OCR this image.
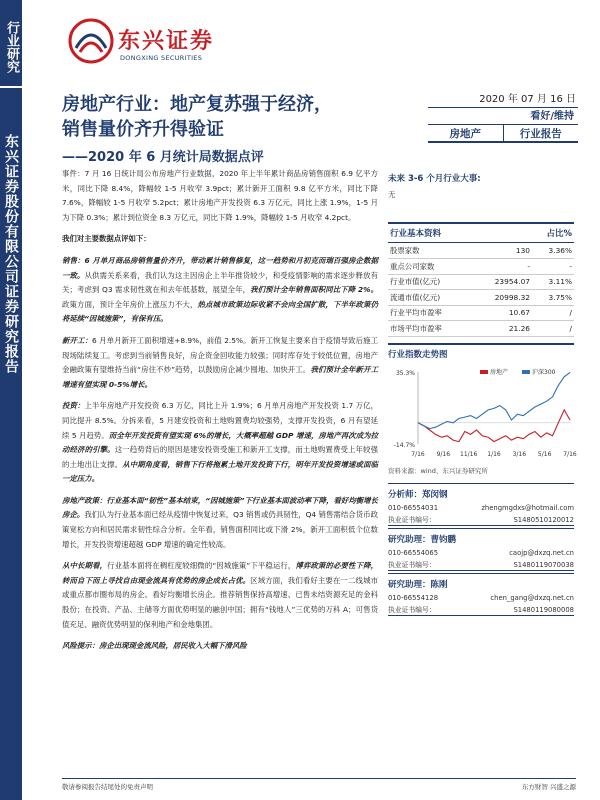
行业研究
东兴证券股份有限公司证券研究报告
东兴证券
DONGXING SECURITIES
房地产行业：地产复苏强于经济，
销售量价齐升得验证
——2020 年 6 月统计局数据点评
2020 年 07 月 16 日
看好/维持
房地产	行业报告

事件：7 月 16 日统计局公布房地产行业数据，2020 年上半年累计商品房销售面积 6.9 亿平方米，同比下降 8.4%，降幅较 1-5 月收窄 3.9pct；累计新开工面积 9.8 亿平方米，同比下降 7.6%，降幅较 1-5 月收窄 5.2pct；累计房地产开发投资 6.3 万亿元，同比上涨 1.9%，1-5 月为下降 0.3%；累计到位资金 8.3 万亿元，同比下降 1.9%，降幅较 1-5 月收窄 4.2pct。

我们对主要数据点评如下：

销售：6 月单月商品房销售量价齐升，带动累计销售修复，这一趋势和月初克而瑞百强房企数据一致。从供需关系来看，我们认为这主因房企上半年推货较少，和受疫情影响的需求逐步释放有关；考虑到 Q3 需求韧性就在和去年低基数，展望全年，我们预计全年销售面积同比下降 2%。政策方面，预计全年房价上涨压力不大，热点城市政策边际收紧不会向全国扩散，下半年政策仍将延续“因城施策”，有保有压。

新开工：6 月单月新开工面积增速+8.9%，前值 2.5%。新开工恢复主要来自于疫情导致后施工现场陆续复工。考虑到当前销售良好，房企资金回收能力较强；同时库存处于较低位置，房地产金融政策有望维持当前“房住不炒”趋势，以鼓励房企减少囤地、加快开工。我们预计全年新开工增速有望实现 0-5%增长。

投资：上半年房地产开发投资 6.3 万亿，同比上升 1.9%；6 月单月房地产开发投资 1.7 万亿，同比提升 8.5%。分拆来看，5 月建安投资和土地购置费均较强势，支撑开发投资，6 月有望延续 5 月趋势。而全年开发投资有望实现 6%的增长，大概率超越 GDP 增速，房地产再次成为拉动经济的引擎。这一趋势背后的原因是建安投资受施工和新开工支撑，而土地购置费受上年较强的土地出让支撑。从中期角度看，销售下行将拖累土地开发投资下行，明年开发投资增速或面临一定压力。

房地产政策：行业基本面“韧性”基本结束，“因城施策”下行业基本面波动率下降，看好均衡增长房企。我们认为行业基本面已经从疫情中恢复过来，Q3 销售或仍具韧性，Q4 销售需结合货币政策宽松方向和居民需求韧性综合分析。全年看，销售面积同比或下滑 2%，新开工面积低个位数增长，开发投资增速超越 GDP 增速的确定性较高。

从中长期看，行业基本面将在稠杠度较细微的“因城施策”下平稳运行，博弈政策的必要性下降，转而自下而上寻找自由现金流具有优势的房企成长占优。区域方面，我们看好主要在一二线城市或重点都市圈布局的房企。看好均衡增长房企。推荐销售保持高增速、已售未结资源充足的金科股份；在投资、产品、主储等方面优势明显的融创中国；拥有“钱地人”三优势的万科 A；可售货值充足、融资优势明显的保利地产和金地集团。

风险提示：房企出现现金流风险，居民收入大幅下滑风险

未来 3-6 个月行业大事:
无
行业基本资料	占比%
股票家数	130	3.36%
重点公司家数	-	-
行业市值(亿元)	23954.07	3.11%
流通市值(亿元)	20998.32	3.75%
行业平均市盈率	10.67	/
市场平均市盈率	21.26	/
行业指数走势图
35.3%
-14.7%
7/16 9/16 11/16 1/16 3/16 5/16 7/16
房地产	沪深300
资料来源：wind、东兴证券研究所
分析师：郑闵钢
010-66554031	zhengmgdxs@hotmail.com
执业证书编号：	S1480510120012
研究助理：曹钧鹏
010-66554065	caojp@dxzq.net.cn
执业证书编号：	S1480119070038
研究助理：陈刚
010-66554128	chen_gang@dxzq.net.cn
执业证书编号：	S1480119080008
敬请参阅报告结尾处的免责声明	东方财智 兴盛之源
